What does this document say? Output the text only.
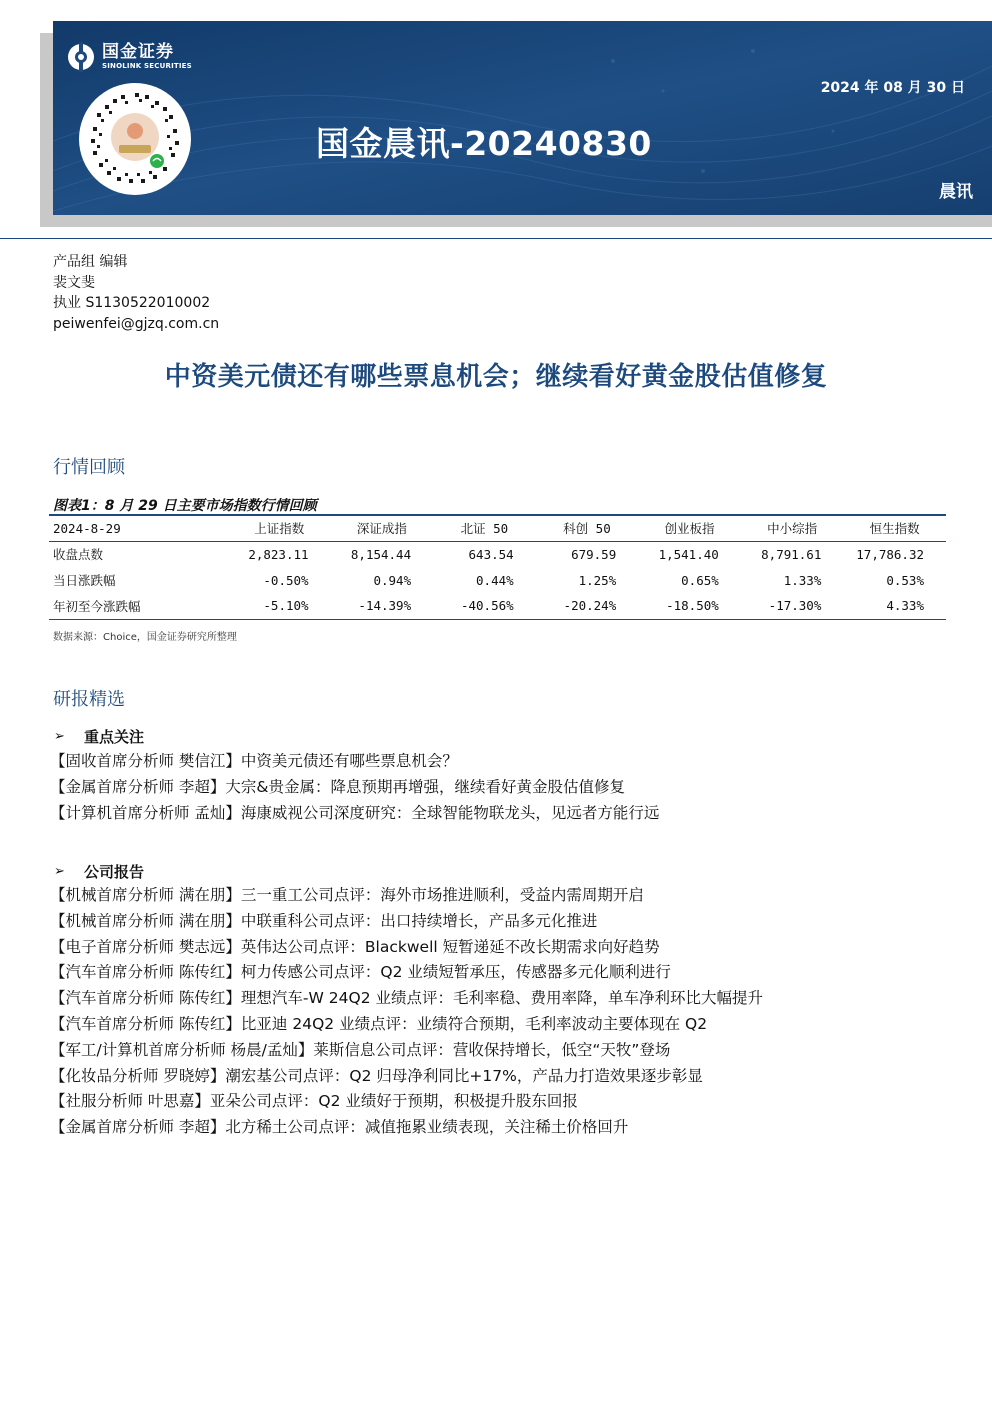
国金证券
SINOLINK SECURITIES
2024 年 08 月 30 日
国金晨讯-20240830
晨讯
产品组 编辑
裴文斐
执业 S1130522010002
peiwenfei@gjzq.com.cn
中资美元债还有哪些票息机会；继续看好黄金股估值修复
行情回顾
图表1：8 月 29 日主要市场指数行情回顾
2024-8-29	上证指数	深证成指	北证 50	科创 50	创业板指	中小综指	恒生指数
收盘点数	2,823.11	8,154.44	643.54	679.59	1,541.40	8,791.61	17,786.32
当日涨跌幅	-0.50%	0.94%	0.44%	1.25%	0.65%	1.33%	0.53%
年初至今涨跌幅	-5.10%	-14.39%	-40.56%	-20.24%	-18.50%	-17.30%	4.33%
数据来源：Choice，国金证券研究所整理
研报精选
➢	重点关注
【固收首席分析师 樊信江】中资美元债还有哪些票息机会？
【金属首席分析师 李超】大宗&贵金属：降息预期再增强，继续看好黄金股估值修复
【计算机首席分析师 孟灿】海康威视公司深度研究：全球智能物联龙头，见远者方能行远
➢	公司报告
【机械首席分析师 满在朋】三一重工公司点评：海外市场推进顺利，受益内需周期开启
【机械首席分析师 满在朋】中联重科公司点评：出口持续增长，产品多元化推进
【电子首席分析师 樊志远】英伟达公司点评：Blackwell 短暂递延不改长期需求向好趋势
【汽车首席分析师 陈传红】柯力传感公司点评：Q2 业绩短暂承压，传感器多元化顺利进行
【汽车首席分析师 陈传红】理想汽车-W 24Q2 业绩点评：毛利率稳、费用率降，单车净利环比大幅提升
【汽车首席分析师 陈传红】比亚迪 24Q2 业绩点评：业绩符合预期，毛利率波动主要体现在 Q2
【军工/计算机首席分析师 杨晨/孟灿】莱斯信息公司点评：营收保持增长，低空“天牧”登场
【化妆品分析师 罗晓婷】潮宏基公司点评：Q2 归母净利同比+17%，产品力打造效果逐步彰显
【社服分析师 叶思嘉】亚朵公司点评：Q2 业绩好于预期，积极提升股东回报
【金属首席分析师 李超】北方稀土公司点评：减值拖累业绩表现，关注稀土价格回升
